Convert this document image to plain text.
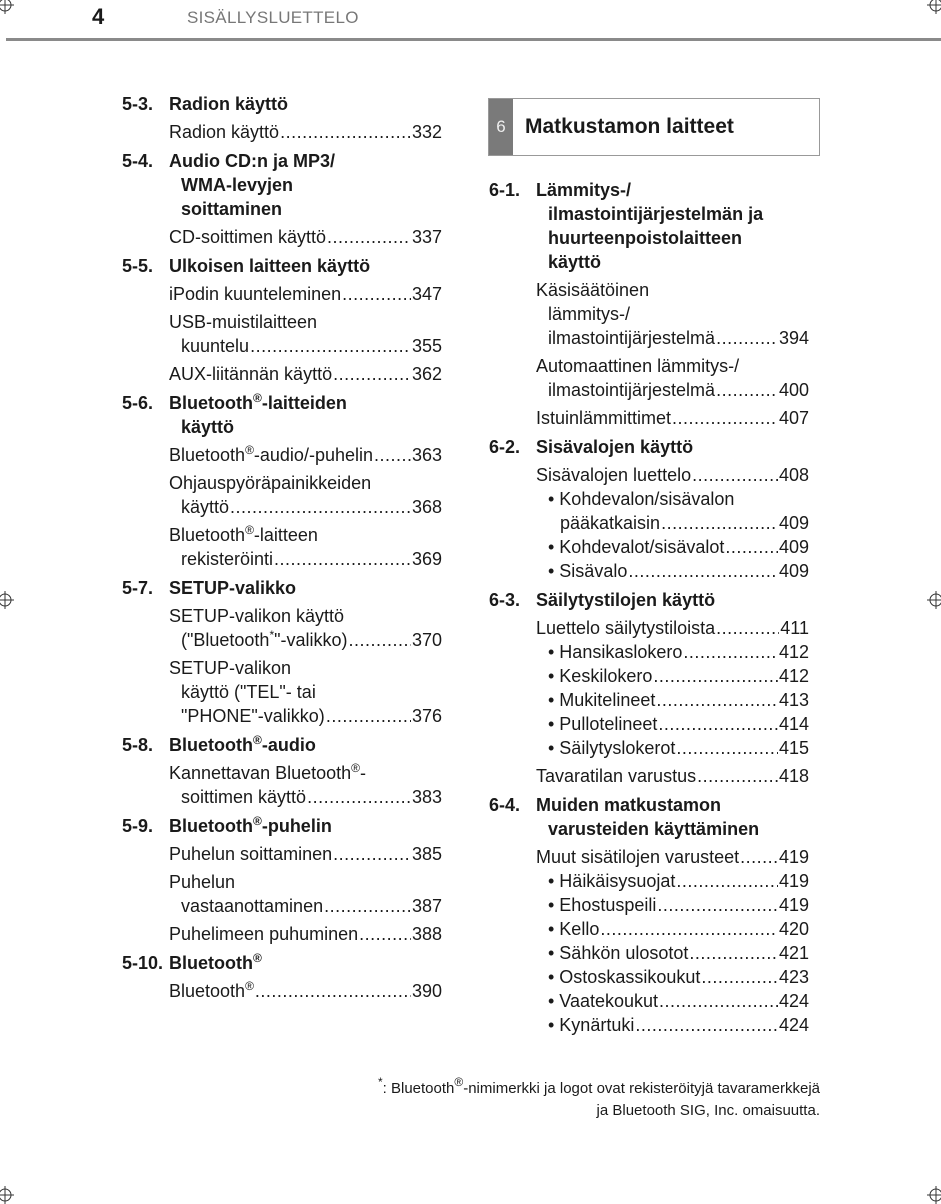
4	SISÄLLYSLUETTELO
6 Matkustamon laitteet
5-3. Radion käyttö
Radion käyttö .....	332
5-4. Audio CD:n ja MP3/
WMA-levyjen
soittaminen
CD-soittimen käyttö .....	337
5-5. Ulkoisen laitteen käyttö
iPodin kuunteleminen .....	347
USB-muistilaitteen
kuuntelu .....	355
AUX-liitännän käyttö .....	362
5-6. Bluetooth®-laitteiden
käyttö
Bluetooth®-audio/-puhelin ..... 363
Ohjauspyöräpainikkeiden
käyttö .....	368
Bluetooth®-laitteen
rekisteröinti .....	369
5-7. SETUP-valikko
SETUP-valikon käyttö
("Bluetooth*"-valikko) .....	370
SETUP-valikon
käyttö ("TEL"- tai
"PHONE"-valikko) .....	376
5-8. Bluetooth®-audio
Kannettavan Bluetooth®-
soittimen käyttö .....	383
5-9. Bluetooth®-puhelin
Puhelun soittaminen .....	385
Puhelun
vastaanottaminen .....	387
Puhelimeen puhuminen .....	388
5-10. Bluetooth®
Bluetooth® .....	390
6-1. Lämmitys-/
ilmastointijärjestelmän ja
huurteenpoistolaitteen
käyttö
Käsisäätöinen
lämmitys-/
ilmastointijärjestelmä .....	394
Automaattinen lämmitys-/
ilmastointijärjestelmä .....	400
Istuinlämmittimet .....	407
6-2. Sisävalojen käyttö
Sisävalojen luettelo .....	408
• Kohdevalon/sisävalon
pääkatkaisin .....	409
• Kohdevalot/sisävalot .....	409
• Sisävalo .....	409
6-3. Säilytystilojen käyttö
Luettelo säilytystiloista .....	411
• Hansikaslokero .....	412
• Keskilokero .....	412
• Mukitelineet .....	413
• Pullotelineet .....	414
• Säilytyslokerot .....	415
Tavaratilan varustus .....	418
6-4. Muiden matkustamon
varusteiden käyttäminen
Muut sisätilojen varusteet ..... 419
• Häikäisysuojat .....	419
• Ehostuspeili .....	419
• Kello .....	420
• Sähkön ulosotot .....	421
• Ostoskassikoukut .....	423
• Vaatekoukut .....	424
• Kynärtuki .....	424
*: Bluetooth®-nimimerkki ja logot ovat rekisteröityjä tavaramerkkejä
ja Bluetooth SIG, Inc. omaisuutta.
